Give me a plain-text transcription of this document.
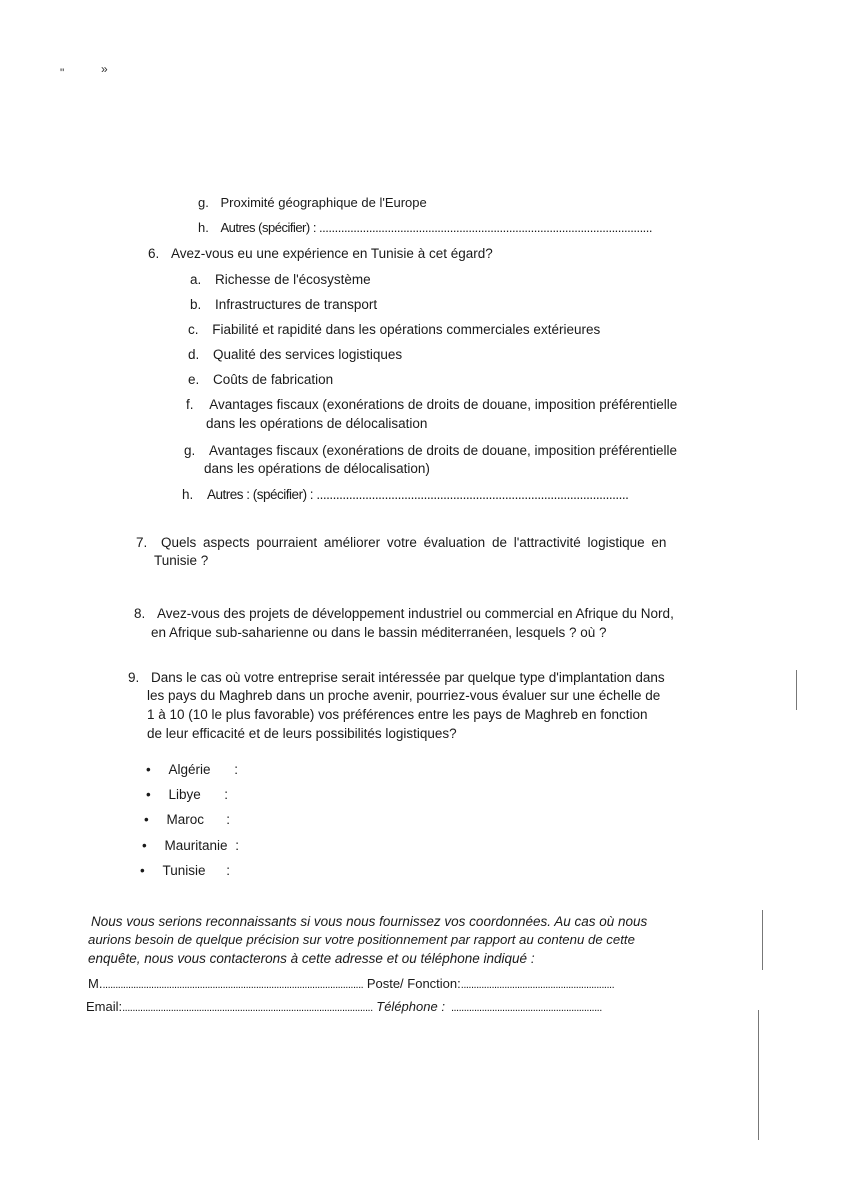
"	»
g. Proximité géographique de l'Europe
h. Autres (spécifier) : ...........................................................................................................
6. Avez-vous eu une expérience en Tunisie à cet égard?
a. Richesse de l'écosystème
b. Infrastructures de transport
c. Fiabilité et rapidité dans les opérations commerciales extérieures
d. Qualité des services logistiques
e. Coûts de fabrication
f. Avantages fiscaux (exonérations de droits de douane, imposition préférentielle
dans les opérations de délocalisation
g. Avantages fiscaux (exonérations de droits de douane, imposition préférentielle
dans les opérations de délocalisation)
h. Autres : (spécifier) : ................................................................................................
7. Quels aspects pourraient améliorer votre évaluation de l'attractivité logistique en
Tunisie ?
8. Avez-vous des projets de développement industriel ou commercial en Afrique du Nord,
en Afrique sub-saharienne ou dans le bassin méditerranéen, lesquels ? où ?
9. Dans le cas où votre entreprise serait intéressée par quelque type d'implantation dans
les pays du Maghreb dans un proche avenir, pourriez-vous évaluer sur une échelle de
1 à 10 (10 le plus favorable) vos préférences entre les pays de Maghreb en fonction
de leur efficacité et de leurs possibilités logistiques?
• Algérie :
• Libye :
• Maroc :
• Mauritanie :
• Tunisie :
Nous vous serions reconnaissants si vous nous fournissez vos coordonnées. Au cas où nous
aurions besoin de quelque précision sur votre positionnement par rapport au contenu de cette
enquête, nous vous contacterons à cette adresse et ou téléphone indiqué :
M....................................................................................................... Poste/ Fonction:............................................................
Email:.................................................................................................. Téléphone : ...........................................................
